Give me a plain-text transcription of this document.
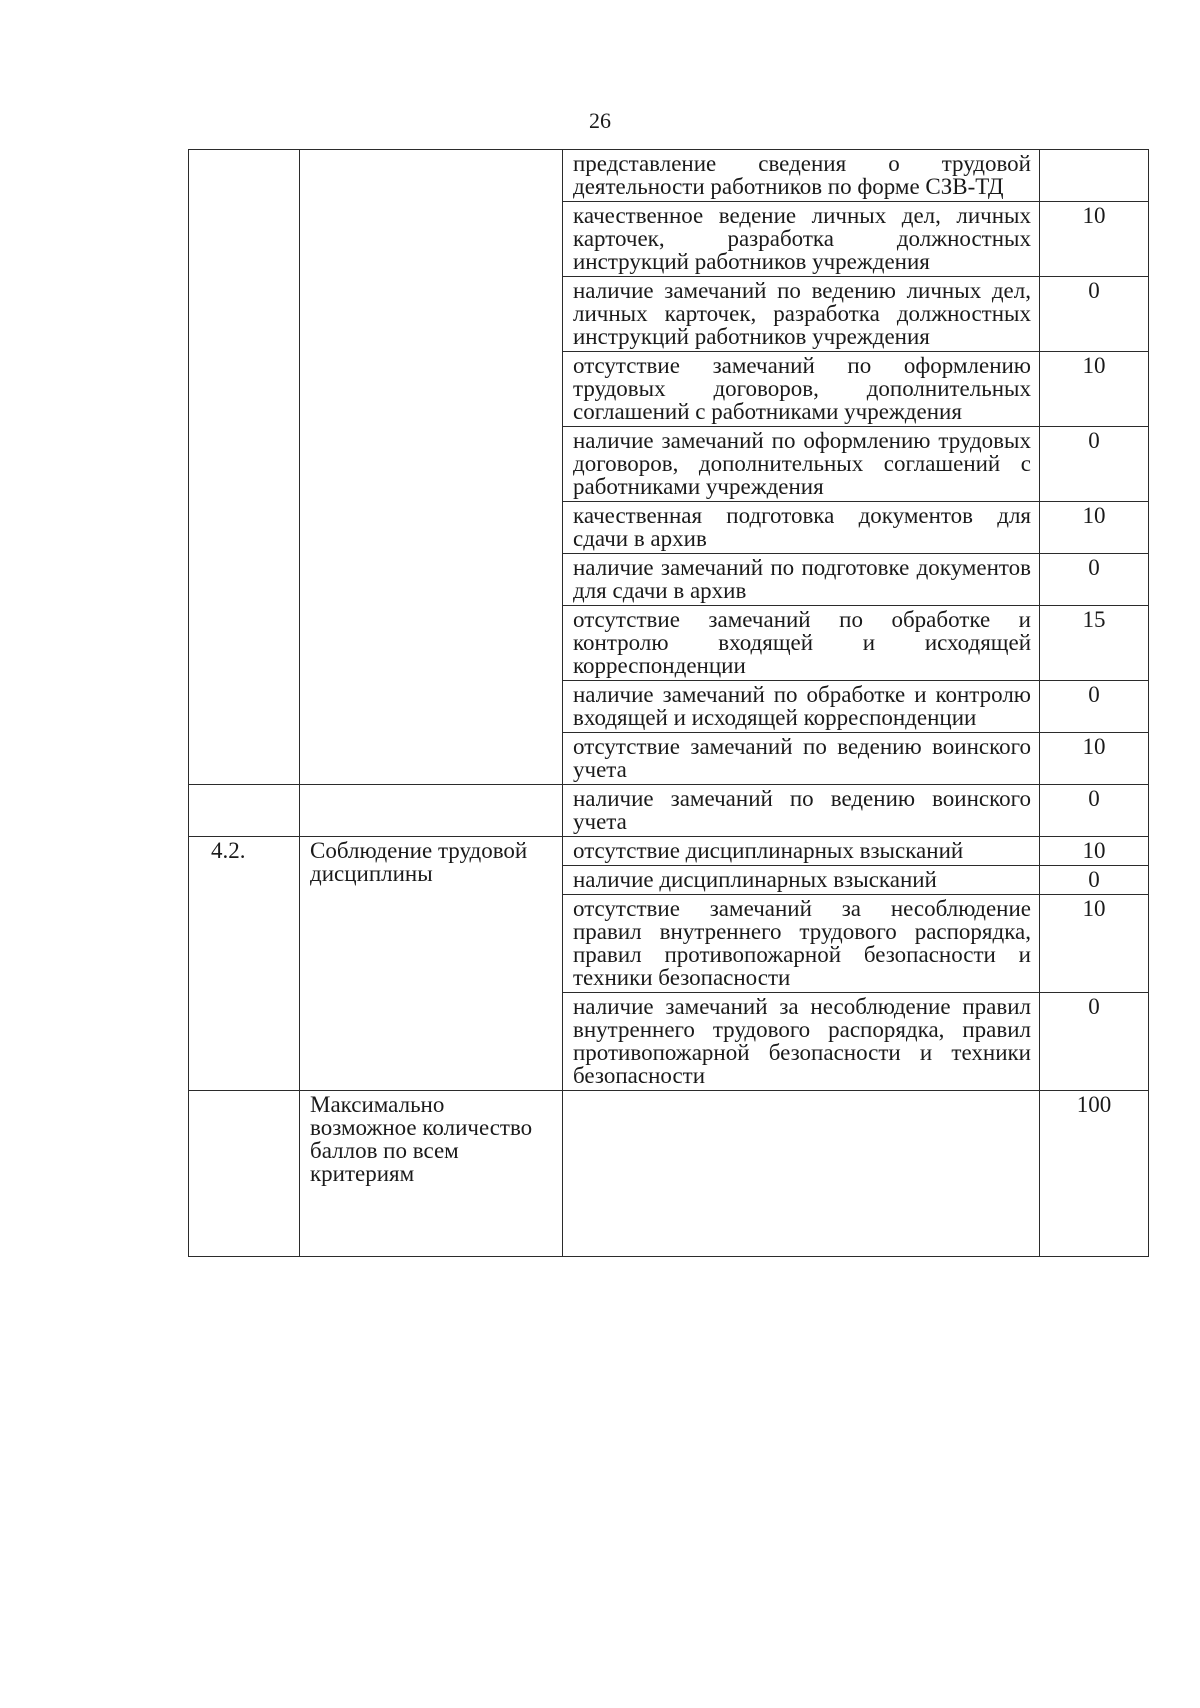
26
		представление сведения о трудовой деятельности работников по форме СЗВ-ТД	
		качественное ведение личных дел, личных карточек, разработка должностных инструкций работников учреждения	10
		наличие замечаний по ведению личных дел, личных карточек, разработка должностных инструкций работников учреждения	0
		отсутствие замечаний по оформлению трудовых договоров, дополнительных соглашений с работниками учреждения	10
		наличие замечаний по оформлению трудовых договоров, дополнительных соглашений с работниками учреждения	0
		качественная подготовка документов для сдачи в архив	10
		наличие замечаний по подготовке документов для сдачи в архив	0
		отсутствие замечаний по обработке и контролю входящей и исходящей корреспонденции	15
		наличие замечаний по обработке и контролю входящей и исходящей корреспонденции	0
		отсутствие замечаний по ведению воинского учета	10
		наличие замечаний по ведению воинского учета	0
4.2.	Соблюдение трудовой дисциплины	отсутствие дисциплинарных взысканий	10
		наличие дисциплинарных взысканий	0
		отсутствие замечаний за несоблюдение правил внутреннего трудового распорядка, правил противопожарной безопасности и техники безопасности	10
		наличие замечаний за несоблюдение правил внутреннего трудового распорядка, правил противопожарной безопасности и техники безопасности	0
	Максимально возможное количество баллов по всем критериям		100
